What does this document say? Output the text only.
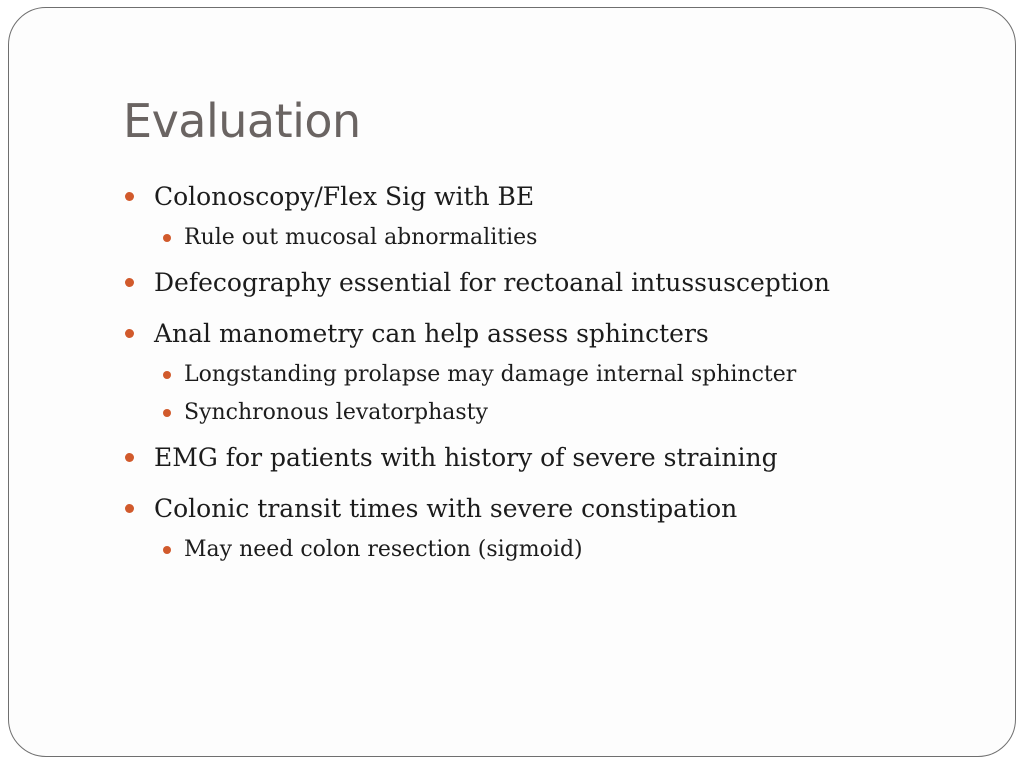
Evaluation
Colonoscopy/Flex Sig with BE
Rule out mucosal abnormalities
Defecography essential for rectoanal intussusception
Anal manometry can help assess sphincters
Longstanding prolapse may damage internal sphincter
Synchronous levatorphasty
EMG for patients with history of severe straining
Colonic transit times with severe constipation
May need colon resection (sigmoid)
